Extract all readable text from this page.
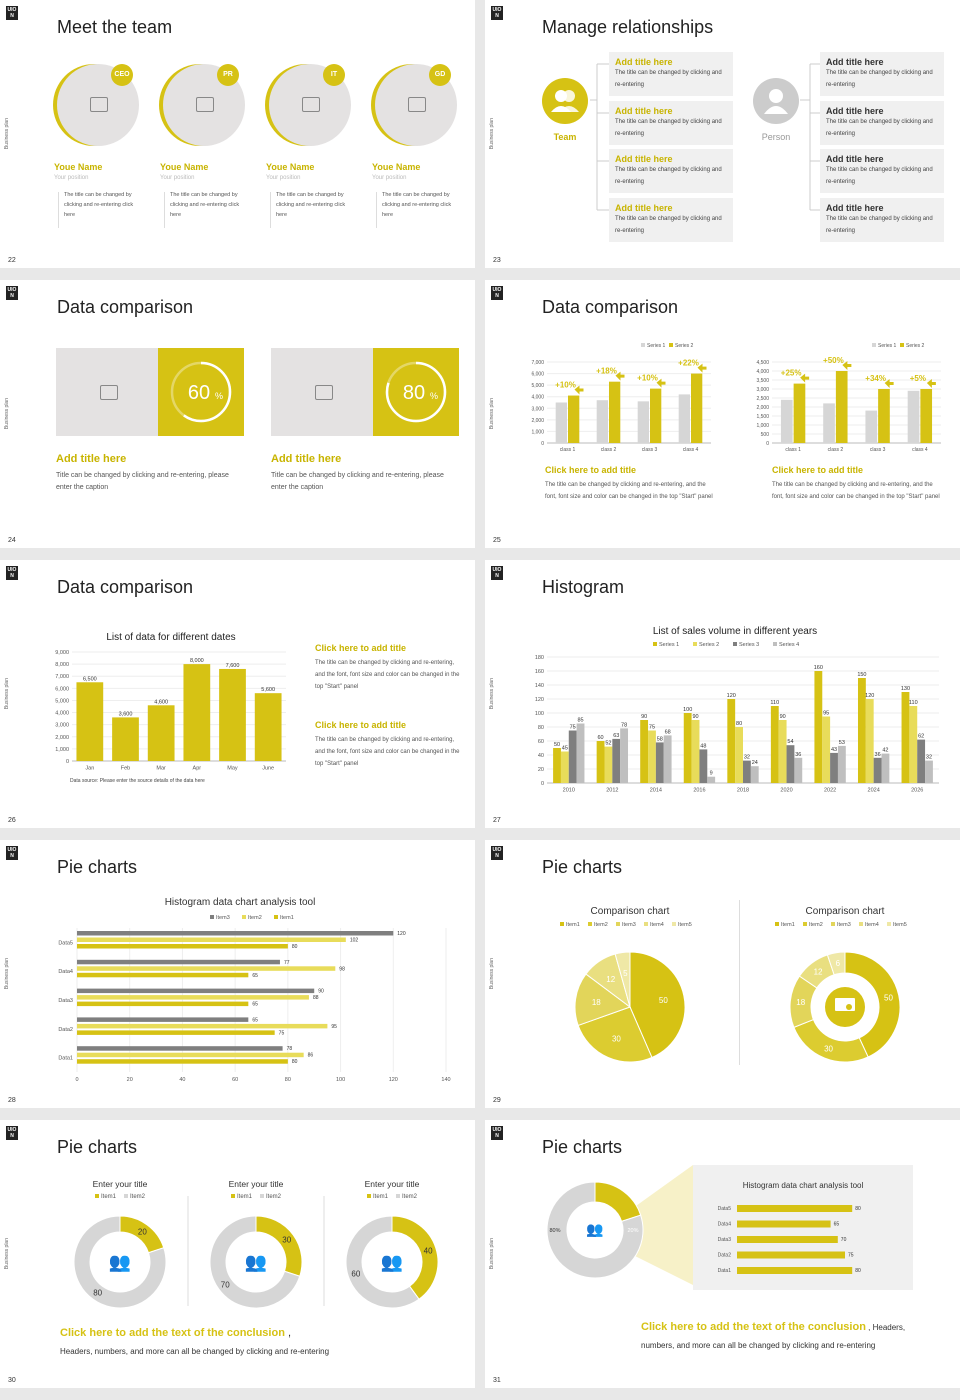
UIO
N
Business plan
Meet the team
CEO
Youe Name
Your position
The title can be changed by clicking and re-entering click here
PR
Youe Name
Your position
The title can be changed by clicking and re-entering click here
IT
Youe Name
Your position
The title can be changed by clicking and re-entering click here
GD
Youe Name
Your position
The title can be changed by clicking and re-entering click here
22
UIO
N
Business plan
Manage relationships
Team	Person
Add title here
The title can be changed by clicking and re-entering
Add title here
The title can be changed by clicking and re-entering
Add title here
The title can be changed by clicking and re-entering
Add title here
The title can be changed by clicking and re-entering
Add title here
The title can be changed by clicking and re-entering
Add title here
The title can be changed by clicking and re-entering
Add title here
The title can be changed by clicking and re-entering
Add title here
The title can be changed by clicking and re-entering
23
UIO
N
Business plan
Data comparison
60 %
Add title here
Title can be changed by clicking and re-entering, please enter the caption
80 %
Add title here
Title can be changed by clicking and re-entering, please enter the caption
24
UIO
N
Business plan
Data comparison
0
1,000
2,000
3,000
4,000
5,000
6,000
7,000
class 1
+10%
class 2
+18%
class 3
+10%
class 4
+22%
Series 1 Series 2
0
500
1,000
1,500
2,000
2,500
3,000
3,500
4,000
4,500
class 1
+25%
class 2
+50%
class 3
+34%
class 4
+5%
Series 1 Series 2
Click here to add title
The title can be changed by clicking and re-entering, and the font, font size and color can be changed in the top "Start" panel
Click here to add title
The title can be changed by clicking and re-entering, and the font, font size and color can be changed in the top "Start" panel
25
UIO
N
Business plan
Data comparison
0
1,000
2,000
3,000
4,000
5,000
6,000
7,000
8,000
9,000
Jan
6,500
Feb
3,600
Mar
4,600
Apr
8,000
May
7,600
June
5,600
List of data for different dates
Data source: Please enter the source details of the data here
Click here to add title
The title can be changed by clicking and re-entering, and the font, font size and color can be changed in the top "Start" panel
Click here to add title
The title can be changed by clicking and re-entering, and the font, font size and color can be changed in the top "Start" panel
26
UIO
N
Business plan
Histogram
0
20
40
60
80
100
120
140
160
180
2010
50
45
75
85
2012
60
52
63
78
2014
90
75
58
68
2016
100
90
48
9
2018
120
80
32
24
2020
110
90
54
36
2022
160
95
43
53
2024
150
120
36
42
2026
130
110
62
32
Series 1	Series 2	Series 3	Series 4
List of sales volume in different years
27
UIO
N
Business plan
Pie charts
Histogram data chart analysis tool
Item3	Item2	Item1
0	20	40	60	80	100	120	140
Data1
78
86
80
Data2
65
95
75
Data3
90
88
65
Data4
77
98
65
Data5
120
102
80
28
UIO
N
Business plan
Pie charts
Comparison chart
Item1	Item2	Item3	Item4	Item5
50
30
18
12
5
Comparison chart
Item1	Item2	Item3	Item4	Item5
50
30
18
12
6
29
UIO
N
Business plan
Pie charts
Enter your title
Item1 Item2
20
80
👥
Enter your title
Item1 Item2
30
70
👥
Enter your title
Item1 Item2
40
60
👥
Click here to add the text of the conclusion ,
Headers, numbers, and more can all be changed by clicking and re-entering
30
UIO
N
Business plan
Pie charts
20%
80% 👥
Histogram data chart analysis tool
Data5	80
Data4	65
Data3	70
Data2	75
Data1	80
Click here to add the text of the conclusion , Headers,
numbers, and more can all be changed by clicking and re-entering
31
